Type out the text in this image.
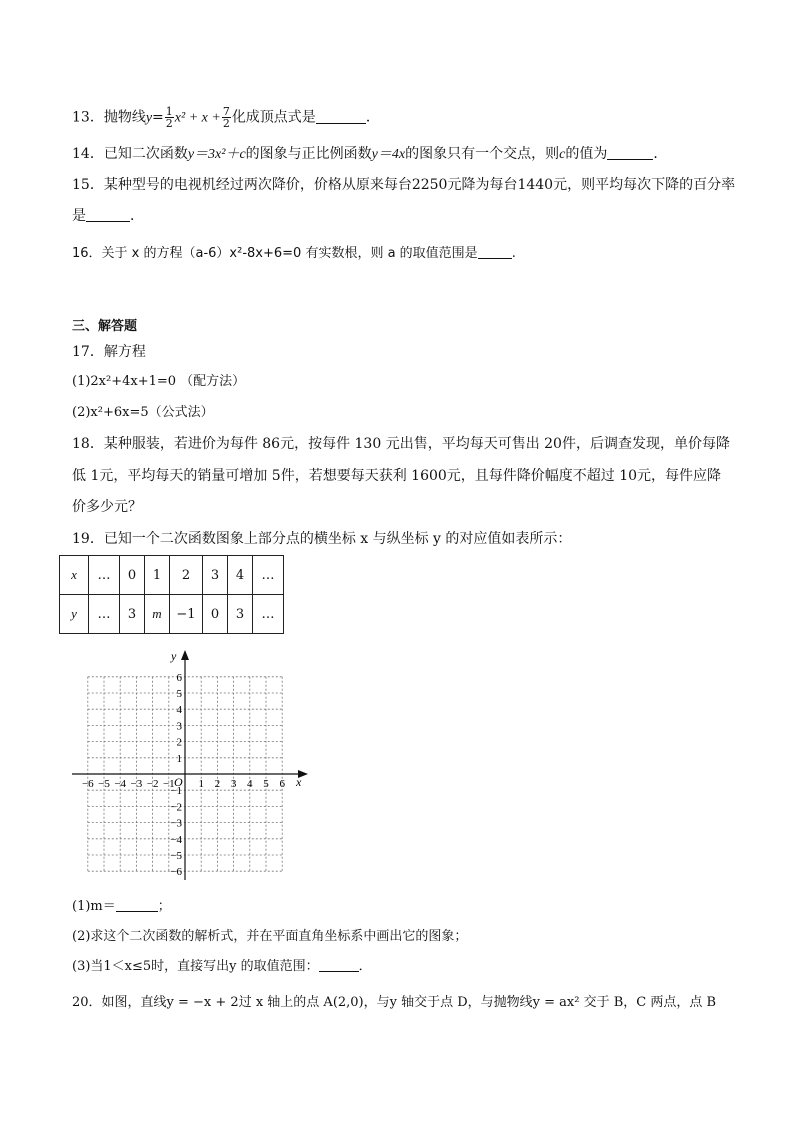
13．抛物线$y= \frac{1}{2} x^2 + x + \frac{7}{2}$ 化成顶点式是	．
14．已知二次函数y＝3x²＋c的图象与正比例函数y＝4x的图象只有一个交点，则c的值为	．
15．某种型号的电视机经过两次降价，价格从原来每台2250元降为每台1440元，则平均每次下降的百分率
是	．
16．关于 x 的方程（a-6）x²-8x+6=0 有实数根，则 a 的取值范围是	.
三、解答题
17．解方程
(1)2x²+4x+1=0 （配方法）
(2)x²+6x=5（公式法）
18．某种服装，若进价为每件 86元，按每件 130 元出售，平均每天可售出 20件，后调查发现，单价每降
低 1元，平均每天的销量可增加 5件，若想要每天获利 1600元，且每件降价幅度不超过 10元，每件应降
价多少元？
19．已知一个二次函数图象上部分点的横坐标 x 与纵坐标 y 的对应值如表所示：
x	…	0	1	2	3	4	…
y	…	3	m	−1	0	3	…
x
y
O
−6 −5 −4 −3 −2 −1 1 2 3 4 5 6
6
5
4
3
2
1
−1
−2
−3
−4
−5
−6
(1)m＝	；
(2)求这个二次函数的解析式，并在平面直角坐标系中画出它的图象；
(3)当1＜x≤5时，直接写出y 的取值范围：	．
20．如图，直线y = −x + 2过 x 轴上的点 A(2,0)，与y 轴交于点 D，与抛物线y = ax² 交于 B，C 两点，点 B
